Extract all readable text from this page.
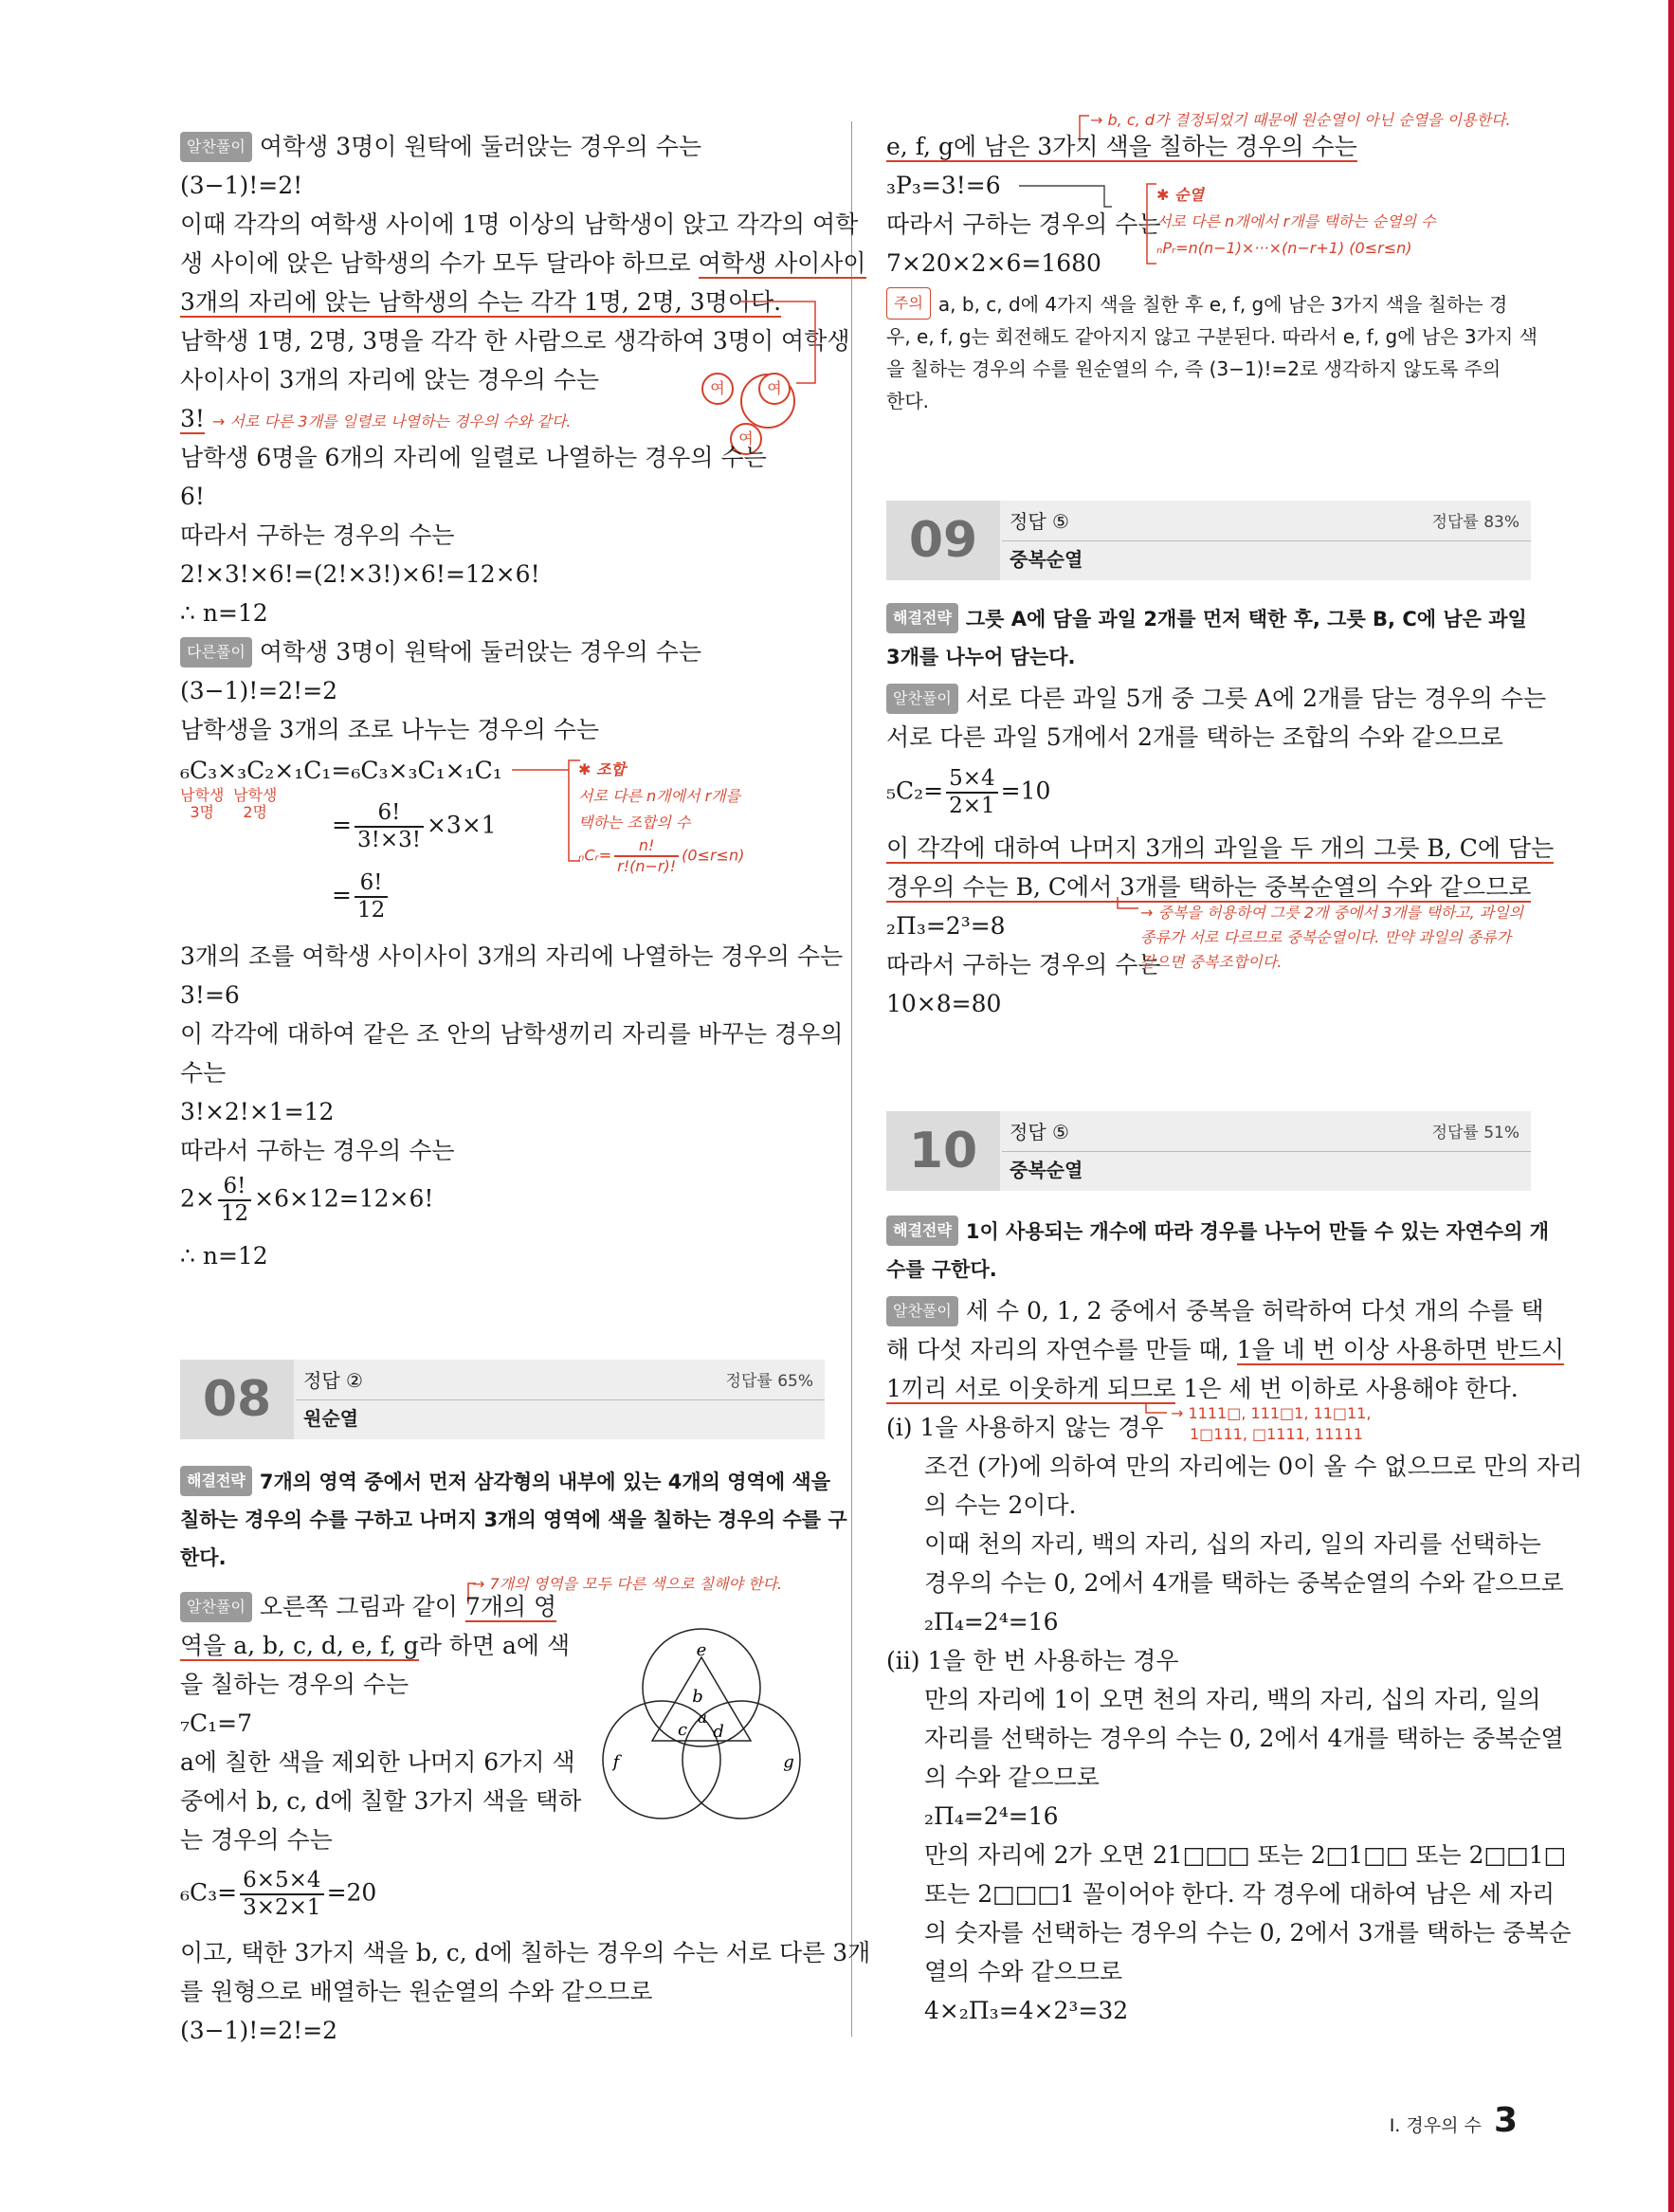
알찬풀이 여학생 3명이 원탁에 둘러앉는 경우의 수는
(3−1)!=2!
이때 각각의 여학생 사이에 1명 이상의 남학생이 앉고 각각의 여학
생 사이에 앉은 남학생의 수가 모두 달라야 하므로 여학생 사이사이
3개의 자리에 앉는 남학생의 수는 각각 1명, 2명, 3명이다.
남학생 1명, 2명, 3명을 각각 한 사람으로 생각하여 3명이 여학생
사이사이 3개의 자리에 앉는 경우의 수는
3! → 서로 다른 3개를 일렬로 나열하는 경우의 수와 같다.
여	여
여
남학생 6명을 6개의 자리에 일렬로 나열하는 경우의 수는
6!
따라서 구하는 경우의 수는
2!×3!×6!=(2!×3!)×6!=12×6!
∴ n=12
다른풀이 여학생 3명이 원탁에 둘러앉는 경우의 수는
(3−1)!=2!=2
남학생을 3개의 조로 나누는 경우의 수는
₆C₃×₃C₂×₁C₁=₆C₃×₃C₁×₁C₁
남학생
3명
남학생
2명	= $\frac{6!}{3!\times 3!} \times 3\times 1$
= $\frac{6!}{12}$
✱ 조합
서로 다른 n개에서 r개를
택하는 조합의 수
ₙCᵣ= $\frac{n!}{r!(n-r)!} (0\le r\le n)$
3개의 조를 여학생 사이사이 3개의 자리에 나열하는 경우의 수는
3!=6
이 각각에 대하여 같은 조 안의 남학생끼리 자리를 바꾸는 경우의
수는
3!×2!×1=12
따라서 구하는 경우의 수는
$2\times \frac{6!}{12} \times 6\times 12=12\times 6$!
∴ n=12
08	정답 ②	정답률 65%
원순열
해결전략 7개의 영역 중에서 먼저 삼각형의 내부에 있는 4개의 영역에 색을
칠하는 경우의 수를 구하고 나머지 3개의 영역에 색을 칠하는 경우의 수를 구
한다.
→ 7개의 영역을 모두 다른 색으로 칠해야 한다.
알찬풀이 오른쪽 그림과 같이 7개의 영
역을 a, b, c, d, e, f, g라 하면 a에 색
을 칠하는 경우의 수는
₇C₁=7
a에 칠한 색을 제외한 나머지 6가지 색
중에서 b, c, d에 칠할 3가지 색을 택하
는 경우의 수는
$_6C_3= \frac{6\times 5\times 4}{3\times 2\times 1} =20$
이고, 택한 3가지 색을 b, c, d에 칠하는 경우의 수는 서로 다른 3개
를 원형으로 배열하는 원순열의 수와 같으므로
(3−1)!=2!=2
e
b
a
c d
f	g
→ b, c, d가 결정되었기 때문에 원순열이 아닌 순열을 이용한다.
e, f, g에 남은 3가지 색을 칠하는 경우의 수는
₃P₃=3!=6
따라서 구하는 경우의 수는
7×20×2×6=1680
✱ 순열
서로 다른 n개에서 r개를 택하는 순열의 수
ₙPᵣ=n(n−1)×···×(n−r+1) (0≤r≤n)
주의 a, b, c, d에 4가지 색을 칠한 후 e, f, g에 남은 3가지 색을 칠하는 경
우, e, f, g는 회전해도 같아지지 않고 구분된다. 따라서 e, f, g에 남은 3가지 색
을 칠하는 경우의 수를 원순열의 수, 즉 (3−1)!=2로 생각하지 않도록 주의
한다.
09	정답 ⑤	정답률 83%
중복순열
해결전략 그릇 A에 담을 과일 2개를 먼저 택한 후, 그릇 B, C에 남은 과일
3개를 나누어 담는다.
알찬풀이 서로 다른 과일 5개 중 그릇 A에 2개를 담는 경우의 수는
서로 다른 과일 5개에서 2개를 택하는 조합의 수와 같으므로
$_5C_2= \frac{5\times 4}{2\times 1} =10$
이 각각에 대하여 나머지 3개의 과일을 두 개의 그릇 B, C에 담는
경우의 수는 B, C에서 3개를 택하는 중복순열의 수와 같으므로
₂Π₃=2³=8
따라서 구하는 경우의 수는
10×8=80
→ 중복을 허용하여 그릇 2개 중에서 3개를 택하고, 과일의
종류가 서로 다르므로 중복순열이다. 만약 과일의 종류가
같으면 중복조합이다.
10	정답 ⑤	정답률 51%
중복순열
해결전략 1이 사용되는 개수에 따라 경우를 나누어 만들 수 있는 자연수의 개
수를 구한다.
알찬풀이 세 수 0, 1, 2 중에서 중복을 허락하여 다섯 개의 수를 택
해 다섯 자리의 자연수를 만들 때, 1을 네 번 이상 사용하면 반드시
1끼리 서로 이웃하게 되므로 1은 세 번 이하로 사용해야 한다.
→ 1111□, 111□1, 11□11,
1□111, □1111, 11111
(ⅰ) 1을 사용하지 않는 경우
조건 (가)에 의하여 만의 자리에는 0이 올 수 없으므로 만의 자리
의 수는 2이다.
이때 천의 자리, 백의 자리, 십의 자리, 일의 자리를 선택하는
경우의 수는 0, 2에서 4개를 택하는 중복순열의 수와 같으므로
₂Π₄=2⁴=16
(ⅱ) 1을 한 번 사용하는 경우
만의 자리에 1이 오면 천의 자리, 백의 자리, 십의 자리, 일의
자리를 선택하는 경우의 수는 0, 2에서 4개를 택하는 중복순열
의 수와 같으므로
₂Π₄=2⁴=16
만의 자리에 2가 오면 21□□□ 또는 2□1□□ 또는 2□□1□
또는 2□□□1 꼴이어야 한다. 각 경우에 대하여 남은 세 자리
의 숫자를 선택하는 경우의 수는 0, 2에서 3개를 택하는 중복순
열의 수와 같으므로
4×₂Π₃=4×2³=32
Ⅰ. 경우의 수 3
